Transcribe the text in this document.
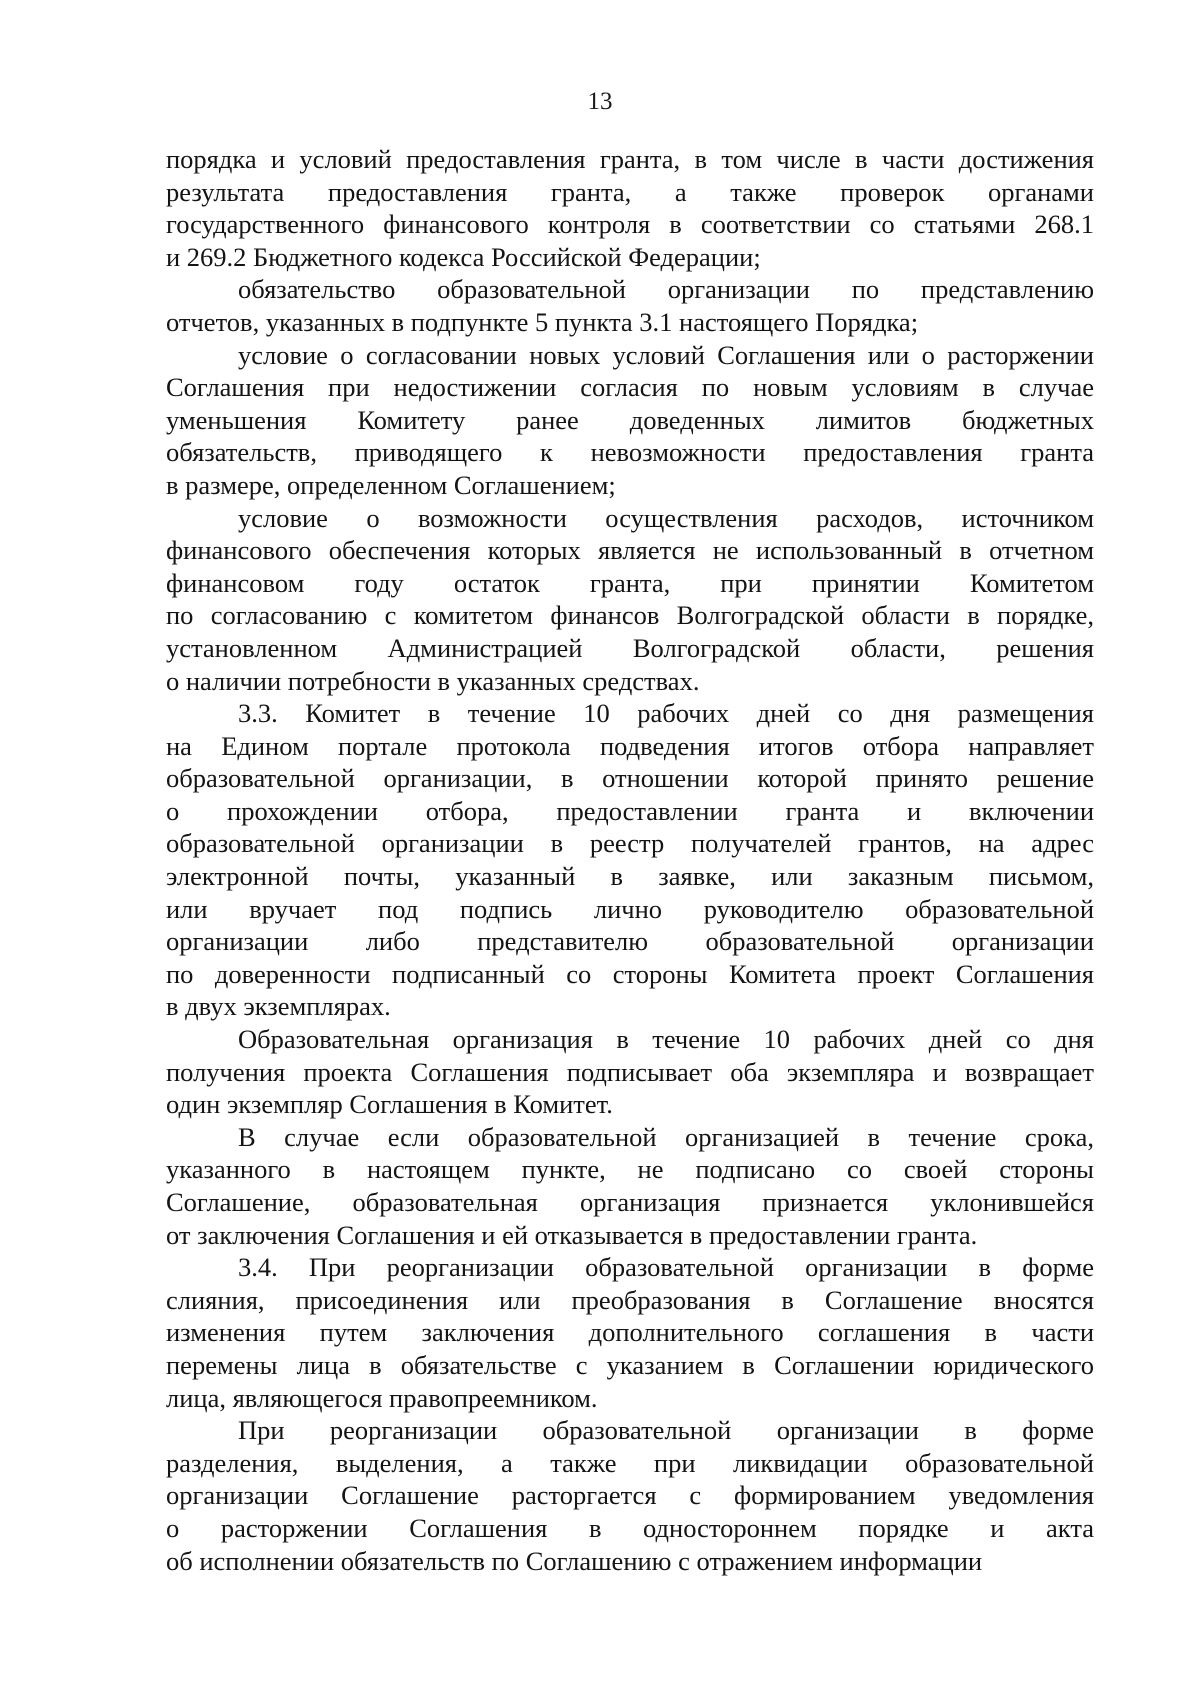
13
порядка и условий предоставления гранта, в том числе в части достижения
результата предоставления гранта, а также проверок органами
государственного финансового контроля в соответствии со статьями 268.1
и 269.2 Бюджетного кодекса Российской Федерации;
обязательство образовательной организации по представлению
отчетов, указанных в подпункте 5 пункта 3.1 настоящего Порядка;
условие о согласовании новых условий Соглашения или о расторжении
Соглашения при недостижении согласия по новым условиям в случае
уменьшения Комитету ранее доведенных лимитов бюджетных
обязательств, приводящего к невозможности предоставления гранта
в размере, определенном Соглашением;
условие о возможности осуществления расходов, источником
финансового обеспечения которых является не использованный в отчетном
финансовом году остаток гранта, при принятии Комитетом
по согласованию с комитетом финансов Волгоградской области в порядке,
установленном Администрацией Волгоградской области, решения
о наличии потребности в указанных средствах.
3.3. Комитет в течение 10 рабочих дней со дня размещения
на Едином портале протокола подведения итогов отбора направляет
образовательной организации, в отношении которой принято решение
о прохождении отбора, предоставлении гранта и включении
образовательной организации в реестр получателей грантов, на адрес
электронной почты, указанный в заявке, или заказным письмом,
или вручает под подпись лично руководителю образовательной
организации либо представителю образовательной организации
по доверенности подписанный со стороны Комитета проект Соглашения
в двух экземплярах.
Образовательная организация в течение 10 рабочих дней со дня
получения проекта Соглашения подписывает оба экземпляра и возвращает
один экземпляр Соглашения в Комитет.
В случае если образовательной организацией в течение срока,
указанного в настоящем пункте, не подписано со своей стороны
Соглашение, образовательная организация признается уклонившейся
от заключения Соглашения и ей отказывается в предоставлении гранта.
3.4. При реорганизации образовательной организации в форме
слияния, присоединения или преобразования в Соглашение вносятся
изменения путем заключения дополнительного соглашения в части
перемены лица в обязательстве с указанием в Соглашении юридического
лица, являющегося правопреемником.
При реорганизации образовательной организации в форме
разделения, выделения, а также при ликвидации образовательной
организации Соглашение расторгается с формированием уведомления
о расторжении Соглашения в одностороннем порядке и акта
об исполнении обязательств по Соглашению с отражением информации
